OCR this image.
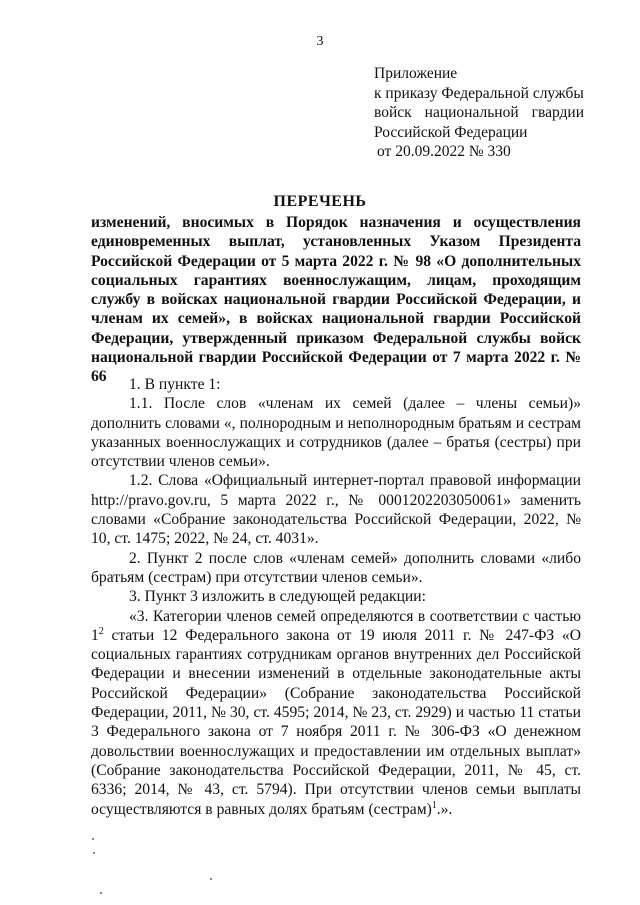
3
Приложение
к приказу Федеральной службы
войск национальной гвардии
Российской Федерации
от 20.09.2022 № 330
ПЕРЕЧЕНЬ
изменений, вносимых в Порядок назначения и осуществления единовременных выплат, установленных Указом Президента Российской Федерации от 5 марта 2022 г. № 98 «О дополнительных социальных гарантиях военнослужащим, лицам, проходящим службу в войсках национальной гвардии Российской Федерации, и членам их семей», в войсках национальной гвардии Российской Федерации, утвержденный приказом Федеральной службы войск национальной гвардии Российской Федерации от 7 марта 2022 г. № 66	1. В пункте 1:

1.1. После слов «членам их семей (далее – члены семьи)» дополнить словами «, полнородным и неполнородным братьям и сестрам указанных военнослужащих и сотрудников (далее – братья (сестры) при отсутствии членов семьи».

1.2. Слова «Официальный интернет-портал правовой информации http://pravo.gov.ru, 5 марта 2022 г., № 0001202203050061» заменить словами «Собрание законодательства Российской Федерации, 2022, № 10, ст. 1475; 2022, № 24, ст. 4031».

2. Пункт 2 после слов «членам семей» дополнить словами «либо братьям (сестрам) при отсутствии членов семьи».

3. Пункт 3 изложить в следующей редакции:

«3. Категории членов семей определяются в соответствии с частью $1^2$ статьи 12 Федерального закона от 19 июля 2011 г. № 247-ФЗ «О социальных гарантиях сотрудникам органов внутренних дел Российской Федерации и внесении изменений в отдельные законодательные акты Российской Федерации» (Собрание законодательства Российской Федерации, 2011, № 30, ст. 4595; 2014, № 23, ст. 2929) и частью 11 статьи 3 Федерального закона от 7 ноября 2011 г. № 306-ФЗ «О денежном довольствии военнослужащих и предоставлении им отдельных выплат» (Собрание законодательства Российской Федерации, 2011, № 45, ст. 6336; 2014, № 43, ст. 5794). При отсутствии членов семьи выплаты осуществляются в равных долях братьям (сестрам)$^1$.».
